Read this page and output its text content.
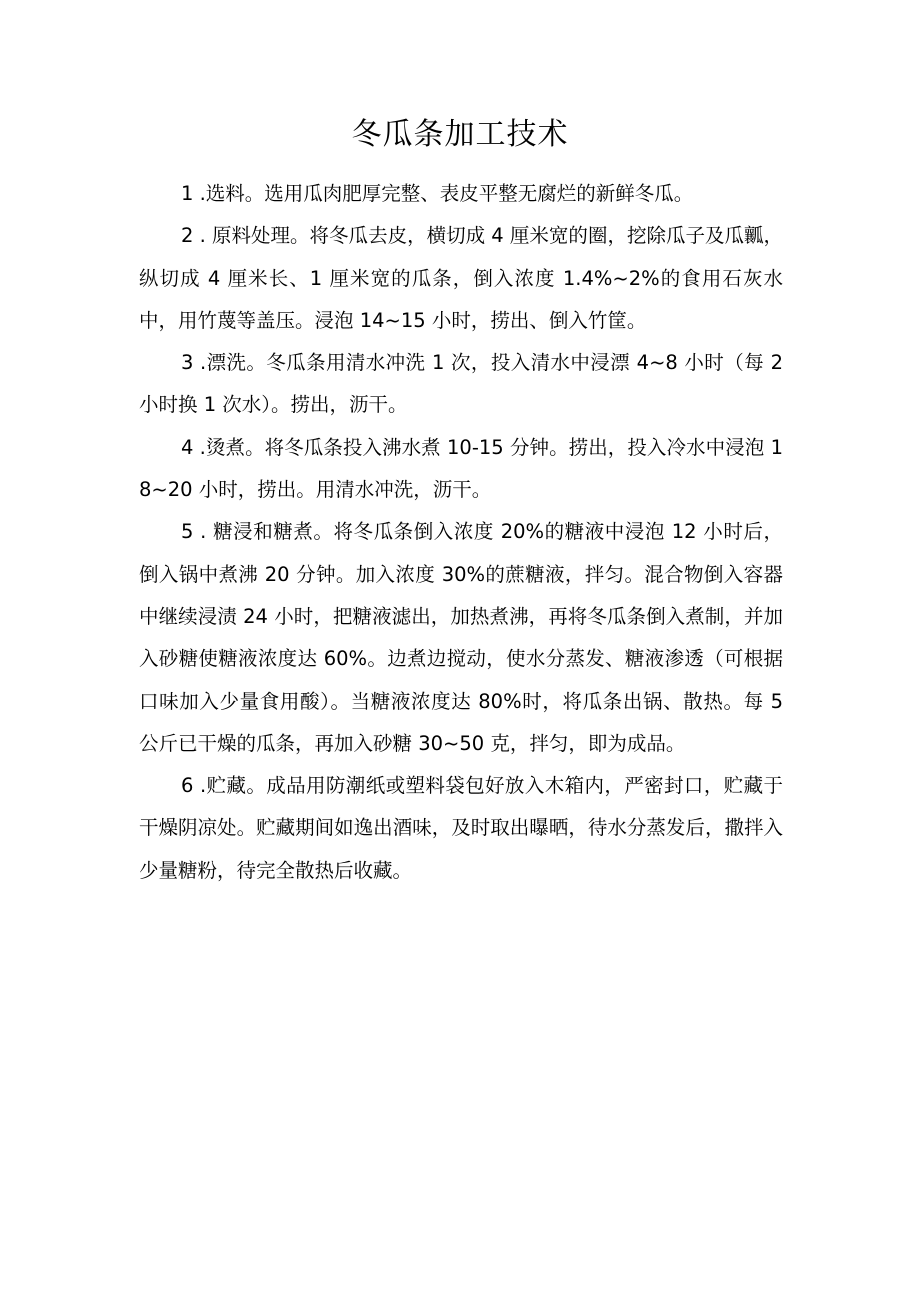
冬瓜条加工技术

1 .选料。选用瓜肉肥厚完整、表皮平整无腐烂的新鲜冬瓜。

2 . 原料处理。将冬瓜去皮，横切成 4 厘米宽的圈，挖除瓜子及瓜瓤，纵切成 4 厘米长、1 厘米宽的瓜条，倒入浓度 1.4%~2%的食用石灰水中，用竹蔑等盖压。浸泡 14~15 小时，捞出、倒入竹筐。

3 .漂洗。冬瓜条用清水冲洗 1 次，投入清水中浸漂 4~8 小时（每 2 小时换 1 次水）。捞出，沥干。

4 .烫煮。将冬瓜条投入沸水煮 10-15 分钟。捞出，投入冷水中浸泡 18~20 小时，捞出。用清水冲洗，沥干。

5 . 糖浸和糖煮。将冬瓜条倒入浓度 20%的糖液中浸泡 12 小时后，倒入锅中煮沸 20 分钟。加入浓度 30%的蔗糖液，拌匀。混合物倒入容器中继续浸渍 24 小时，把糖液滤出，加热煮沸，再将冬瓜条倒入煮制，并加入砂糖使糖液浓度达 60%。边煮边搅动，使水分蒸发、糖液渗透（可根据口味加入少量食用酸）。当糖液浓度达 80%时，将瓜条出锅、散热。每 5 公斤已干燥的瓜条，再加入砂糖 30~50 克，拌匀，即为成品。

6 .贮藏。成品用防潮纸或塑料袋包好放入木箱内，严密封口，贮藏于干燥阴凉处。贮藏期间如逸出酒味，及时取出曝晒，待水分蒸发后，撒拌入少量糖粉，待完全散热后收藏。
